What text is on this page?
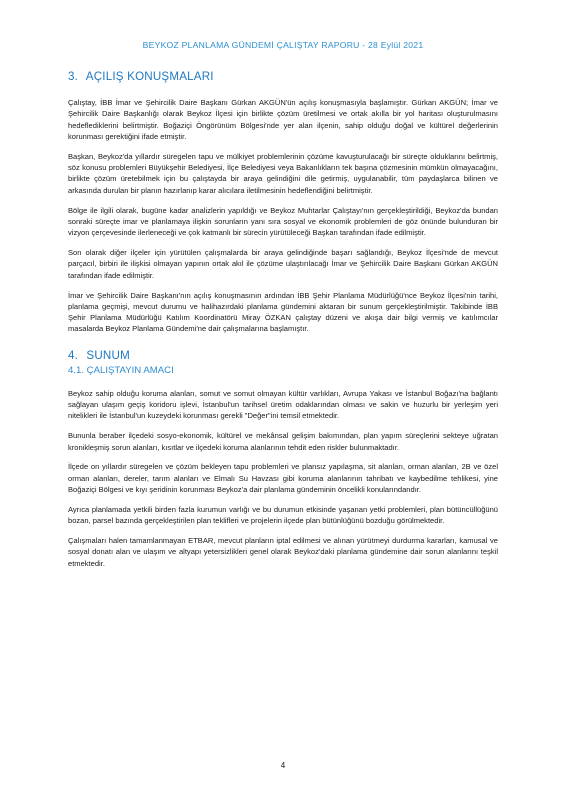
BEYKOZ PLANLAMA GÜNDEMİ ÇALIŞTAY RAPORU - 28 Eylül 2021
3. AÇILIŞ KONUŞMALARI

Çalıştay, İBB İmar ve Şehircilik Daire Başkanı Gürkan AKGÜN'ün açılış konuşmasıyla başlamıştır. Gürkan AKGÜN; İmar ve Şehircilik Daire Başkanlığı olarak Beykoz İlçesi için birlikte çözüm üretilmesi ve ortak akılla bir yol haritası oluşturulmasını hedeflediklerini belirtmiştir. Boğaziçi Öngörünüm Bölgesi'nde yer alan ilçenin, sahip olduğu doğal ve kültürel değerlerinin korunması gerektiğini ifade etmiştir.

Başkan, Beykoz'da yıllardır süregelen tapu ve mülkiyet problemlerinin çözüme kavuşturulacağı bir süreçte olduklarını belirtmiş, söz konusu problemleri Büyükşehir Belediyesi, İlçe Belediyesi veya Bakanlıkların tek başına çözmesinin mümkün olmayacağını, birlikte çözüm üretebilmek için bu çalıştayda bir araya gelindiğini dile getirmiş, uygulanabilir, tüm paydaşlarca bilinen ve arkasında durulan bir planın hazırlanıp karar alıcılara iletilmesinin hedeflendiğini belirtmiştir.

Bölge ile ilgili olarak, bugüne kadar analizlerin yapıldığı ve Beykoz Muhtarlar Çalıştayı'nın gerçekleştirildiği, Beykoz'da bundan sonraki süreçte imar ve planlamaya ilişkin sorunların yanı sıra sosyal ve ekonomik problemleri de göz önünde bulunduran bir vizyon çerçevesinde ilerleneceği ve çok katmanlı bir sürecin yürütüleceği Başkan tarafından ifade edilmiştir.

Son olarak diğer ilçeler için yürütülen çalışmalarda bir araya gelindiğinde başarı sağlandığı, Beykoz İlçesi'nde de mevcut parçacıl, birbiri ile ilişkisi olmayan yapının ortak akıl ile çözüme ulaştırılacağı İmar ve Şehircilik Daire Başkanı Gürkan AKGÜN tarafından ifade edilmiştir.

İmar ve Şehircilik Daire Başkanı'nın açılış konuşmasının ardından İBB Şehir Planlama Müdürlüğü'nce Beykoz İlçesi'nin tarihi, planlama geçmişi, mevcut durumu ve halihazırdaki planlama gündemini aktaran bir sunum gerçekleştirilmiştir. Takibinde İBB Şehir Planlama Müdürlüğü Katılım Koordinatörü Miray ÖZKAN çalıştay düzeni ve akışa dair bilgi vermiş ve katılımcılar masalarda Beykoz Planlama Gündemi'ne dair çalışmalarına başlamıştır.

4. SUNUM
4.1. ÇALIŞTAYIN AMACI

Beykoz sahip olduğu koruma alanları, somut ve somut olmayan kültür varlıkları, Avrupa Yakası ve İstanbul Boğazı'na bağlantı sağlayan ulaşım geçiş koridoru işlevi, İstanbul'un tarihsel üretim odaklarından olması ve sakin ve huzurlu bir yerleşim yeri nitelikleri ile İstanbul'un kuzeydeki korunması gerekli "Değer"ini temsil etmektedir.

Bununla beraber ilçedeki sosyo-ekonomik, kültürel ve mekânsal gelişim bakımından, plan yapım süreçlerini sekteye uğratan kronikleşmiş sorun alanları, kısıtlar ve ilçedeki koruma alanlarının tehdit eden riskler bulunmaktadır.

İlçede on yıllardır süregelen ve çözüm bekleyen tapu problemleri ve plansız yapılaşma, sit alanları, orman alanları, 2B ve özel orman alanları, dereler, tarım alanları ve Elmalı Su Havzası gibi koruma alanlarının tahribatı ve kaybedilme tehlikesi, yine Boğaziçi Bölgesi ve kıyı şeridinin korunması Beykoz'a dair planlama gündeminin öncelikli konularındandır.

Ayrıca planlamada yetkili birden fazla kurumun varlığı ve bu durumun etkisinde yaşanan yetki problemleri, plan bütüncüllüğünü bozan, parsel bazında gerçekleştirilen plan teklifleri ve projelerin ilçede plan bütünlüğünü bozduğu görülmektedir.

Çalışmaları halen tamamlanmayan ETBAR, mevcut planların iptal edilmesi ve alınan yürütmeyi durdurma kararları, kamusal ve sosyal donatı alan ve ulaşım ve altyapı yetersizlikleri genel olarak Beykoz'daki planlama gündemine dair sorun alanlarını teşkil etmektedir.

4
